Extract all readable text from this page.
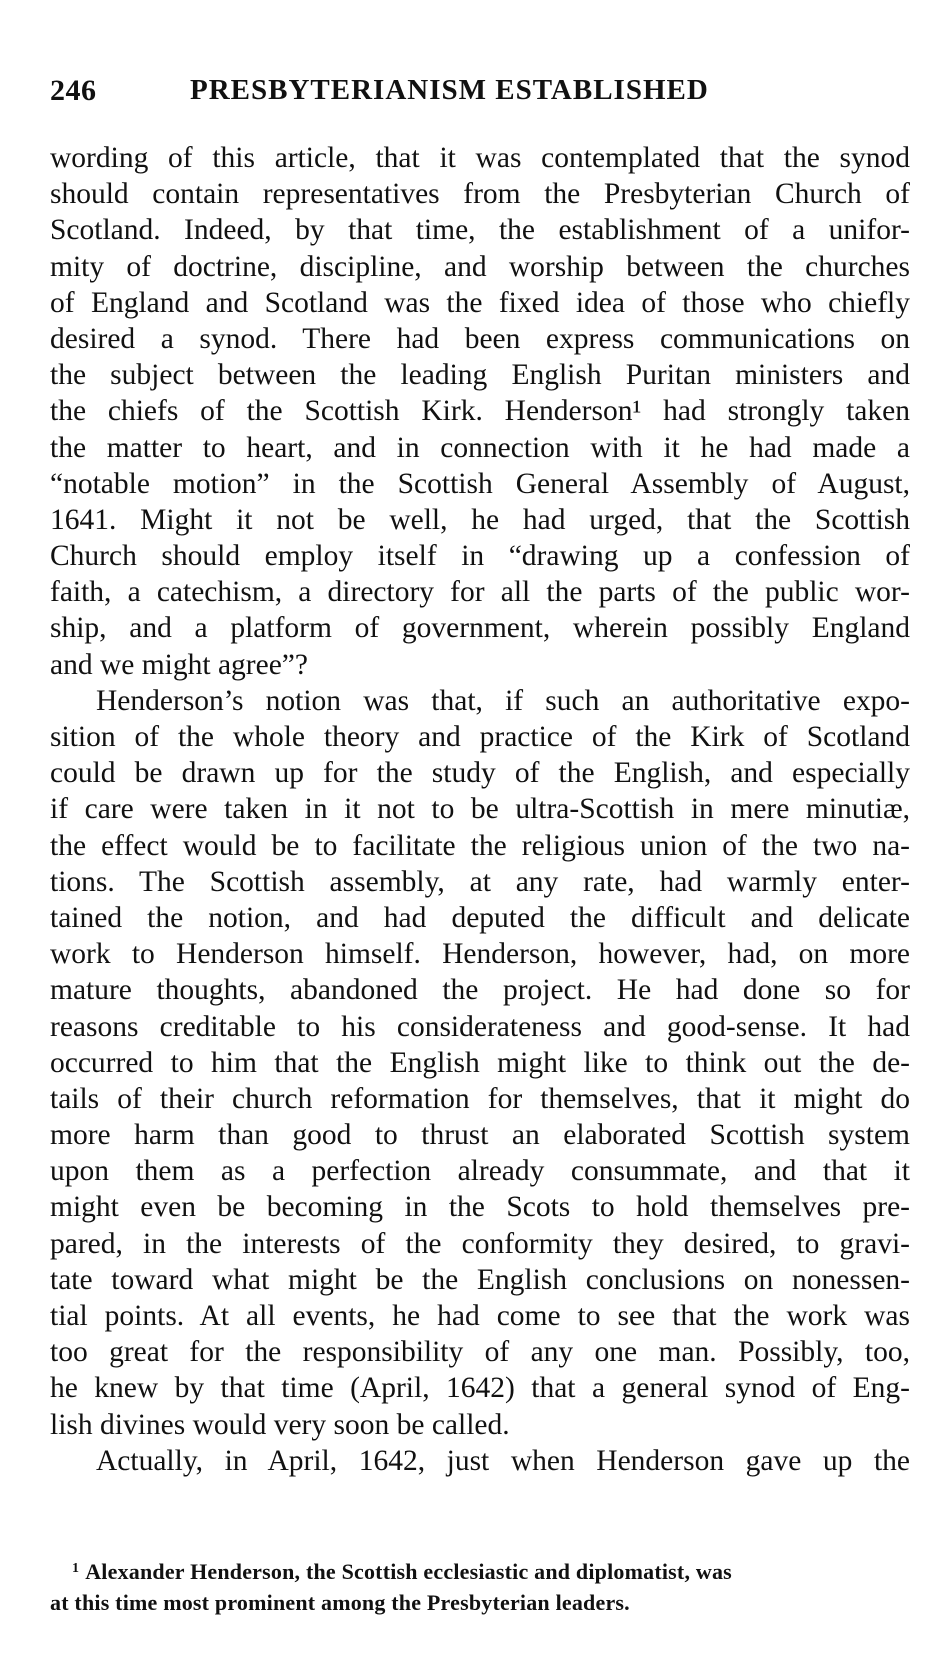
246	PRESBYTERIANISM ESTABLISHED
wording of this article, that it was contemplated that the synod
should contain representatives from the Presbyterian Church of
Scotland. Indeed, by that time, the establishment of a unifor-
mity of doctrine, discipline, and worship between the churches
of England and Scotland was the fixed idea of those who chiefly
desired a synod. There had been express communications on
the subject between the leading English Puritan ministers and
the chiefs of the Scottish Kirk. Henderson¹ had strongly taken
the matter to heart, and in connection with it he had made a
“notable motion” in the Scottish General Assembly of August,
1641. Might it not be well, he had urged, that the Scottish
Church should employ itself in “drawing up a confession of
faith, a catechism, a directory for all the parts of the public wor-
ship, and a platform of government, wherein possibly England
and we might agree”?
Henderson’s notion was that, if such an authoritative expo-
sition of the whole theory and practice of the Kirk of Scotland
could be drawn up for the study of the English, and especially
if care were taken in it not to be ultra-Scottish in mere minutiæ,
the effect would be to facilitate the religious union of the two na-
tions. The Scottish assembly, at any rate, had warmly enter-
tained the notion, and had deputed the difficult and delicate
work to Henderson himself. Henderson, however, had, on more
mature thoughts, abandoned the project. He had done so for
reasons creditable to his considerateness and good-sense. It had
occurred to him that the English might like to think out the de-
tails of their church reformation for themselves, that it might do
more harm than good to thrust an elaborated Scottish system
upon them as a perfection already consummate, and that it
might even be becoming in the Scots to hold themselves pre-
pared, in the interests of the conformity they desired, to gravi-
tate toward what might be the English conclusions on nonessen-
tial points. At all events, he had come to see that the work was
too great for the responsibility of any one man. Possibly, too,
he knew by that time (April, 1642) that a general synod of Eng-
lish divines would very soon be called.
Actually, in April, 1642, just when Henderson gave up the
$^1$ Alexander Henderson, the Scottish ecclesiastic and diplomatist, was
at this time most prominent among the Presbyterian leaders.
